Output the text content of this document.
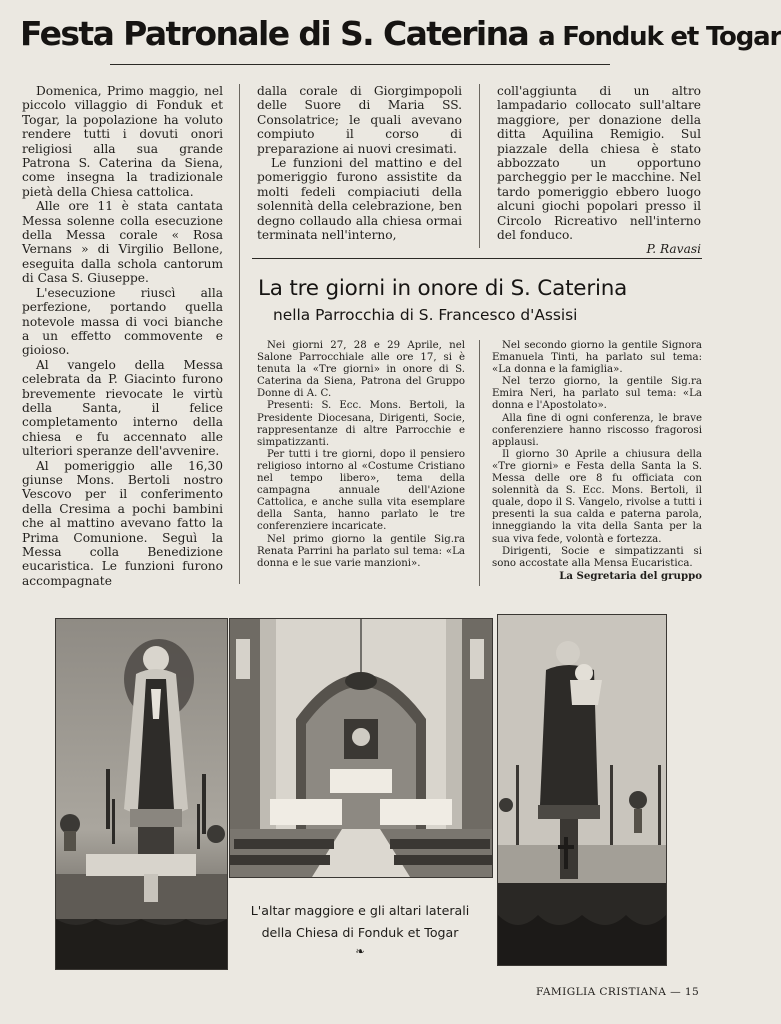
Festa Patronale di S. Caterina a Fonduk et Togar

Domenica, Primo maggio, nel piccolo villaggio di Fonduk et Togar, la popolazione ha voluto rendere tutti i dovuti onori religiosi alla sua grande Patrona S. Caterina da Siena, come insegna la tradizionale pietà della Chiesa cattolica.

Alle ore 11 è stata cantata Messa solenne colla esecuzione della Messa corale « Rosa Vernans » di Virgilio Bellone, eseguita dalla schola cantorum di Casa S. Giuseppe.

L'esecuzione riuscì alla perfezione, portando quella notevole massa di voci bianche a un effetto commovente e gioioso.

Al vangelo della Messa celebrata da P. Giacinto furono brevemente rievocate le virtù della Santa, il felice completamento interno della chiesa e fu accennato alle ulteriori speranze dell'avvenire.

Al pomeriggio alle 16,30 giunse Mons. Bertoli nostro Vescovo per il conferimento della Cresima a pochi bambini che al mattino avevano fatto la Prima Comunione. Seguì la Messa colla Benedizione eucaristica. Le funzioni furono accompagnate

dalla corale di Giorgimpopoli delle Suore di Maria SS. Consolatrice; le quali avevano compiuto il corso di preparazione ai nuovi cresimati.

Le funzioni del mattino e del pomeriggio furono assistite da molti fedeli compiaciuti della solennità della celebrazione, ben degno collaudo alla chiesa ormai terminata nell'interno,

coll'aggiunta di un altro lampadario collocato sull'altare maggiore, per donazione della ditta Aquilina Remigio. Sul piazzale della chiesa è stato abbozzato un opportuno parcheggio per le macchine. Nel tardo pomeriggio ebbero luogo alcuni giochi popolari presso il Circolo Ricreativo nell'interno del fonduco.

P. Ravasi

La tre giorni in onore di S. Caterina
nella Parrocchia di S. Francesco d'Assisi

Nei giorni 27, 28 e 29 Aprile, nel Salone Parrocchiale alle ore 17, si è tenuta la «Tre giorni» in onore di S. Caterina da Siena, Patrona del Gruppo Donne di A. C.

Presenti: S. Ecc. Mons. Bertoli, la Presidente Diocesana, Dirigenti, Socie, rappresentanze di altre Parrocchie e simpatizzanti.

Per tutti i tre giorni, dopo il pensiero religioso intorno al «Costume Cristiano nel tempo libero», tema della campagna annuale dell'Azione Cattolica, e anche sulla vita esemplare della Santa, hanno parlato le tre conferenziere incaricate.

Nel primo giorno la gentile Sig.ra Renata Parrini ha parlato sul tema: «La donna e le sue varie manzioni».

Nel secondo giorno la gentile Signora Emanuela Tinti, ha parlato sul tema: «La donna e la famiglia».

Nel terzo giorno, la gentile Sig.ra Emira Neri, ha parlato sul tema: «La donna e l'Apostolato».

Alla fine di ogni conferenza, le brave conferenziere hanno riscosso fragorosi applausi.

Il giorno 30 Aprile a chiusura della «Tre giorni» e Festa della Santa la S. Messa delle ore 8 fu officiata con solennità da S. Ecc. Mons. Bertoli, il quale, dopo il S. Vangelo, rivolse a tutti i presenti la sua calda e paterna parola, inneggiando la vita della Santa per la sua viva fede, volontà e fortezza.

Dirigenti, Socie e simpatizzanti si sono accostate alla Mensa Eucaristica.

La Segretaria del gruppo

L'altar maggiore e gli altari laterali
della Chiesa di Fonduk et Togar
❧
FAMIGLIA CRISTIANA — 15
